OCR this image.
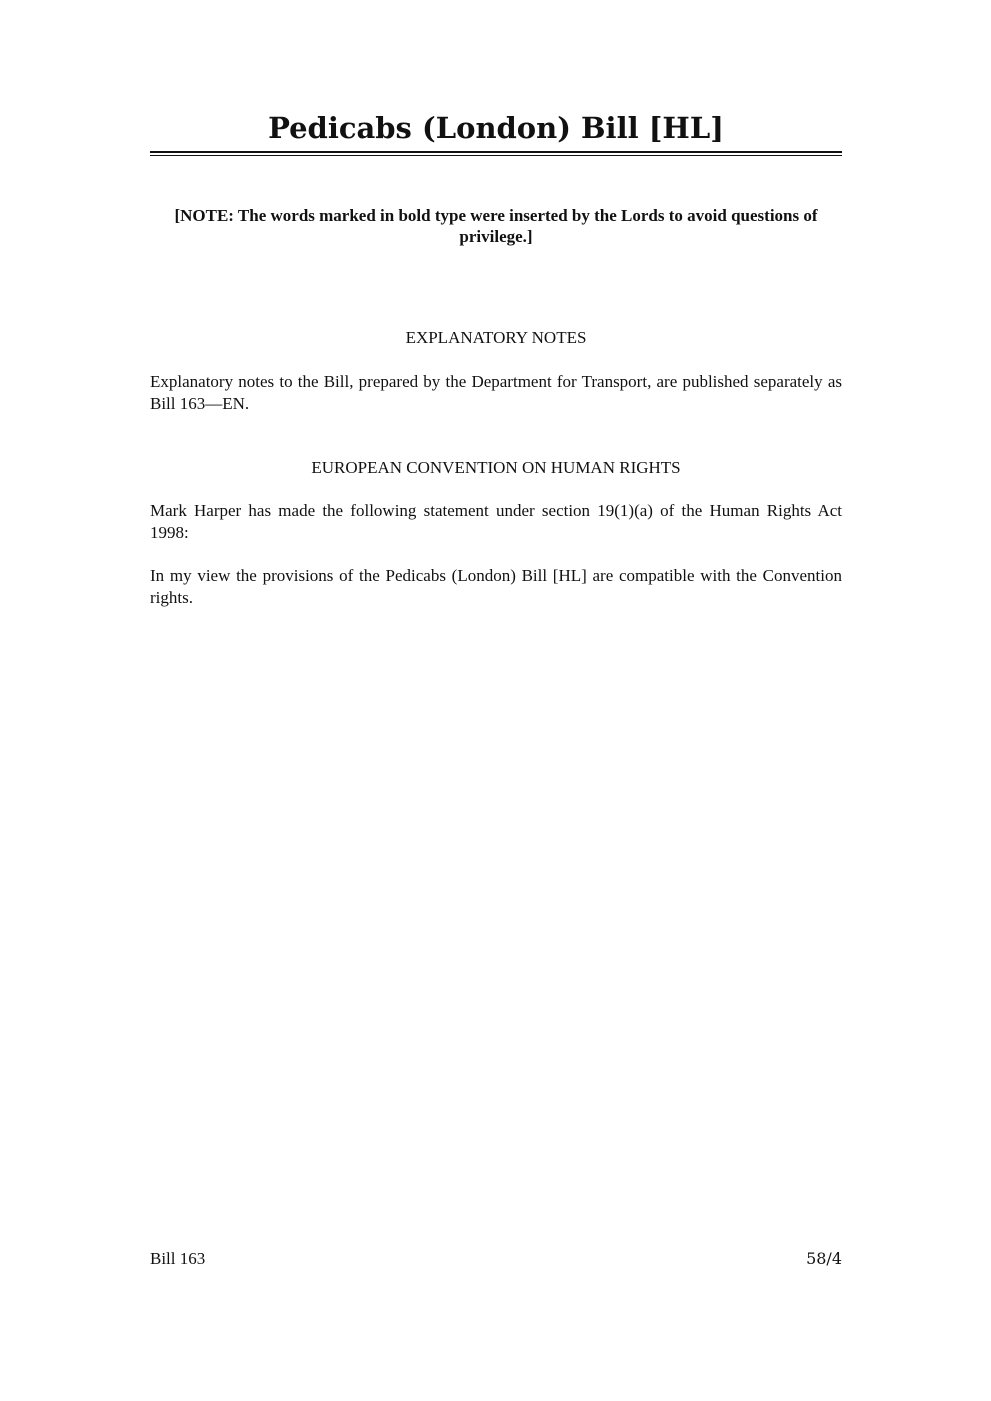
Pedicabs (London) Bill [HL]

[NOTE: The words marked in bold type were inserted by the Lords to avoid questions of privilege.]

EXPLANATORY NOTES

Explanatory notes to the Bill, prepared by the Department for Transport, are published separately as Bill 163—EN.

EUROPEAN CONVENTION ON HUMAN RIGHTS

Mark Harper has made the following statement under section 19(1)(a) of the Human Rights Act 1998:

In my view the provisions of the Pedicabs (London) Bill [HL] are compatible with the Convention rights.

Bill 163	58/4
